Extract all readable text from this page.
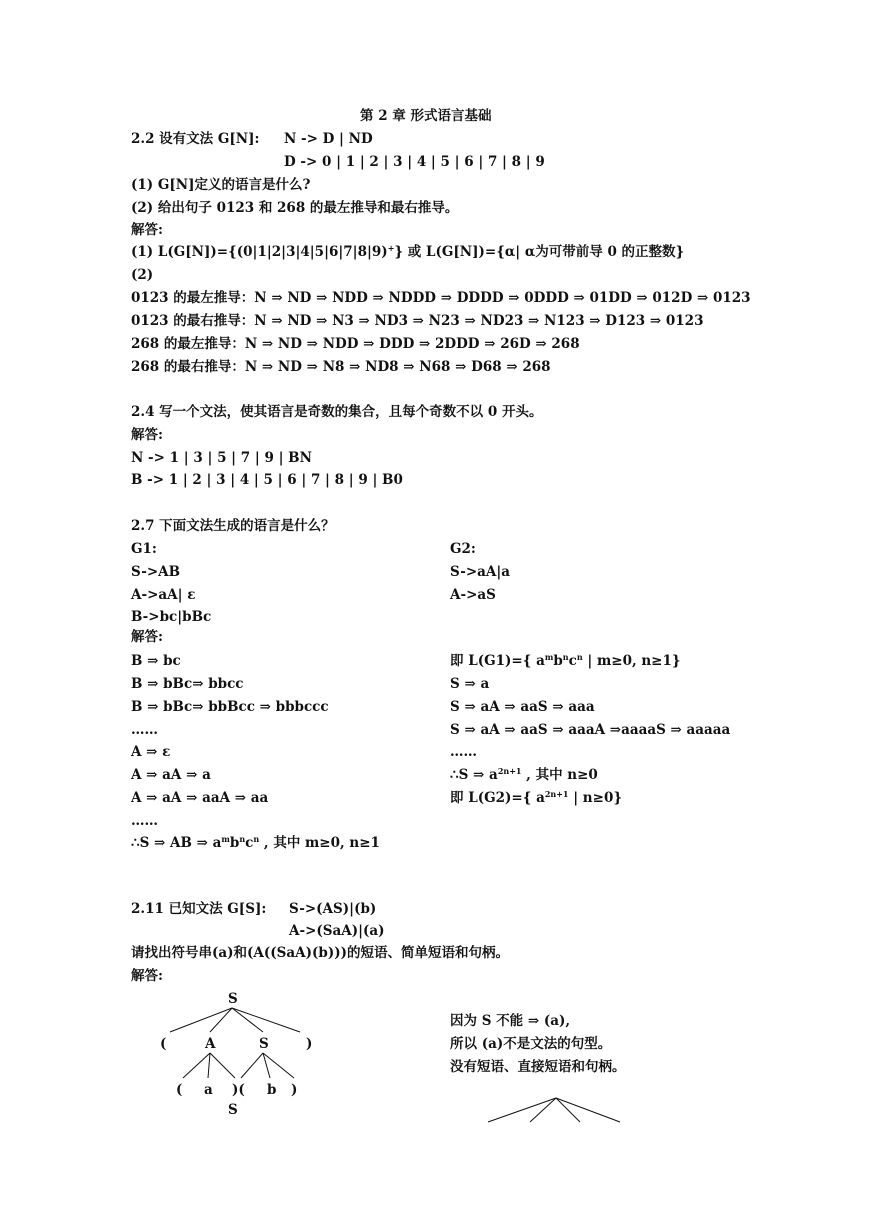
第 2 章 形式语言基础
2.2 设有文法 G[N]: N -> D | ND
D -> 0 | 1 | 2 | 3 | 4 | 5 | 6 | 7 | 8 | 9
(1) G[N]定义的语言是什么?
(2) 给出句子 0123 和 268 的最左推导和最右推导。
解答:
(1) L(G[N])={(0|1|2|3|4|5|6|7|8|9)+} 或 L(G[N])={α| α为可带前导 0 的正整数}
(2)
0123 的最左推导：N ⇒ ND ⇒ NDD ⇒ NDDD ⇒ DDDD ⇒ 0DDD ⇒ 01DD ⇒ 012D ⇒ 0123
0123 的最右推导：N ⇒ ND ⇒ N3 ⇒ ND3 ⇒ N23 ⇒ ND23 ⇒ N123 ⇒ D123 ⇒ 0123
268 的最左推导：N ⇒ ND ⇒ NDD ⇒ DDD ⇒ 2DDD ⇒ 26D ⇒ 268
268 的最右推导：N ⇒ ND ⇒ N8 ⇒ ND8 ⇒ N68 ⇒ D68 ⇒ 268
2.4 写一个文法，使其语言是奇数的集合，且每个奇数不以 0 开头。
解答:
N -> 1 | 3 | 5 | 7 | 9 | BN
B -> 1 | 2 | 3 | 4 | 5 | 6 | 7 | 8 | 9 | B0
2.7 下面文法生成的语言是什么？
G1:	G2:
S->AB	S->aA|a
A->aA| ε	A->aS
B->bc|bBc
解答:
B ⇒ bc
B ⇒ bBc⇒ bbcc
B ⇒ bBc⇒ bbBcc ⇒ bbbccc
……
A ⇒ ε
A ⇒ aA ⇒ a
A ⇒ aA ⇒ aaA ⇒ aa
……
∴S ⇒ AB ⇒ $a^mb^nc^n$ , 其中 m≥0, n≥1
即 L(G1)={ $a^mb^nc^n$ | m≥0, n≥1}
S ⇒ a
S ⇒ aA ⇒ aaS ⇒ aaa
S ⇒ aA ⇒ aaS ⇒ aaaA ⇒aaaaS ⇒ aaaaa
……
∴S ⇒ $a^{2n+1}$ , 其中 n≥0
即 L(G2)={ $a^{2n+1}$ | n≥0}
2.11 已知文法 G[S]: S->(AS)|(b)
A->(SaA)|(a)
请找出符号串(a)和(A((SaA)(b)))的短语、简单短语和句柄。
解答:
S
(	A	S	)
( a )( b )
S
因为 S 不能 ⇒ (a),
所以 (a)不是文法的句型。
没有短语、直接短语和句柄。
